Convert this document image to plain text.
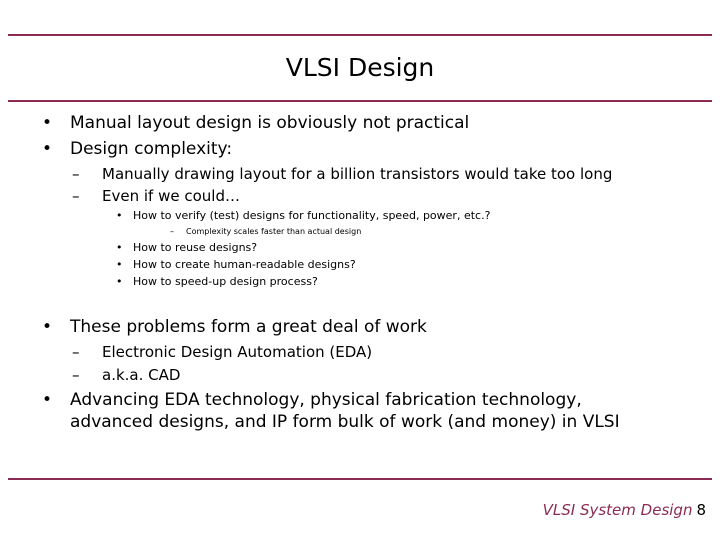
VLSI Design
• Manual layout design is obviously not practical
• Design complexity:
– Manually drawing layout for a billion transistors would take too long
– Even if we could…
• How to verify (test) designs for functionality, speed, power, etc.?
– Complexity scales faster than actual design
• How to reuse designs?
• How to create human-readable designs?
• How to speed-up design process?
• These problems form a great deal of work
– Electronic Design Automation (EDA)
– a.k.a. CAD
• Advancing EDA technology, physical fabrication technology,
advanced designs, and IP form bulk of work (and money) in VLSI
VLSI System Design 8
